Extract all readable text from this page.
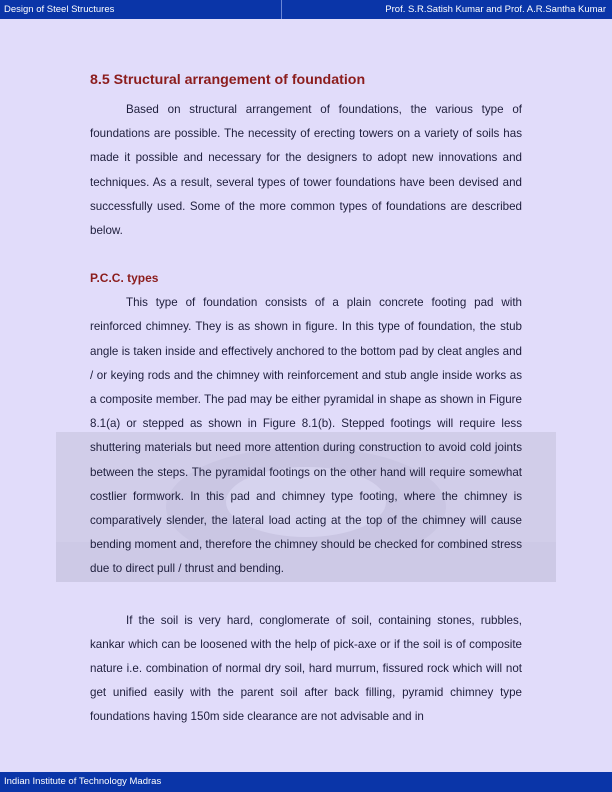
Design of Steel Structures	Prof. S.R.Satish Kumar and Prof. A.R.Santha Kumar
8.5 Structural arrangement of foundation

Based on structural arrangement of foundations, the various type of foundations are possible. The necessity of erecting towers on a variety of soils has made it possible and necessary for the designers to adopt new innovations and techniques. As a result, several types of tower foundations have been devised and successfully used. Some of the more common types of foundations are described below.

P.C.C. types

This type of foundation consists of a plain concrete footing pad with reinforced chimney. They is as shown in figure. In this type of foundation, the stub angle is taken inside and effectively anchored to the bottom pad by cleat angles and / or keying rods and the chimney with reinforcement and stub angle inside works as a composite member. The pad may be either pyramidal in shape as shown in Figure 8.1(a) or stepped as shown in Figure 8.1(b). Stepped footings will require less shuttering materials but need more attention during construction to avoid cold joints between the steps. The pyramidal footings on the other hand will require somewhat costlier formwork. In this pad and chimney type footing, where the chimney is comparatively slender, the lateral load acting at the top of the chimney will cause bending moment and, therefore the chimney should be checked for combined stress due to direct pull / thrust and bending.

If the soil is very hard, conglomerate of soil, containing stones, rubbles, kankar which can be loosened with the help of pick-axe or if the soil is of composite nature i.e. combination of normal dry soil, hard murrum, fissured rock which will not get unified easily with the parent soil after back filling, pyramid chimney type foundations having 150m side clearance are not advisable and in

Indian Institute of Technology Madras
